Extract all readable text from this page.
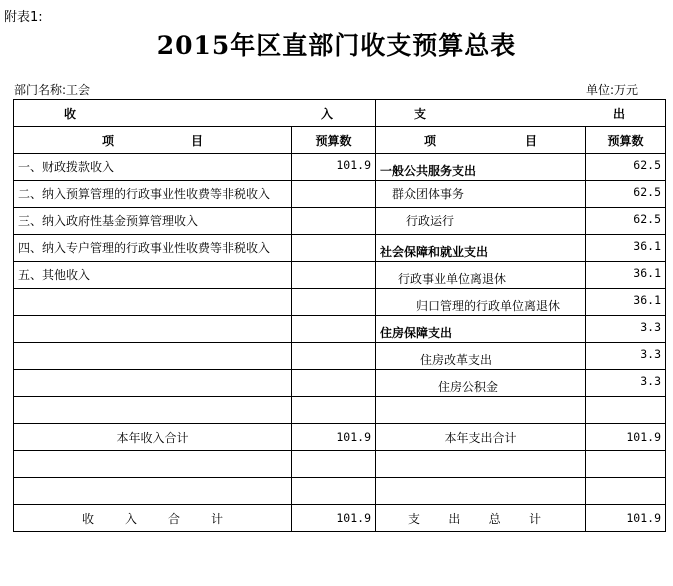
附表1:
2015年区直部门收支预算总表
部门名称:工会	单位:万元
收 入		支 出	

项 目	预算数	项 目	预算数
一、财政拨款收入	101.9	一般公共服务支出	62.5
二、纳入预算管理的行政事业性收费等非税收入		群众团体事务	62.5
三、纳入政府性基金预算管理收入		行政运行	62.5
四、纳入专户管理的行政事业性收费等非税收入		社会保障和就业支出	36.1
五、其他收入		行政事业单位离退休	36.1
		归口管理的行政单位离退休	36.1
		住房保障支出	3.3
		住房改革支出	3.3
		住房公积金	3.3

本年收入合计	101.9	本年支出合计	101.9

收 入 合 计	101.9	支 出 总 计	101.9
